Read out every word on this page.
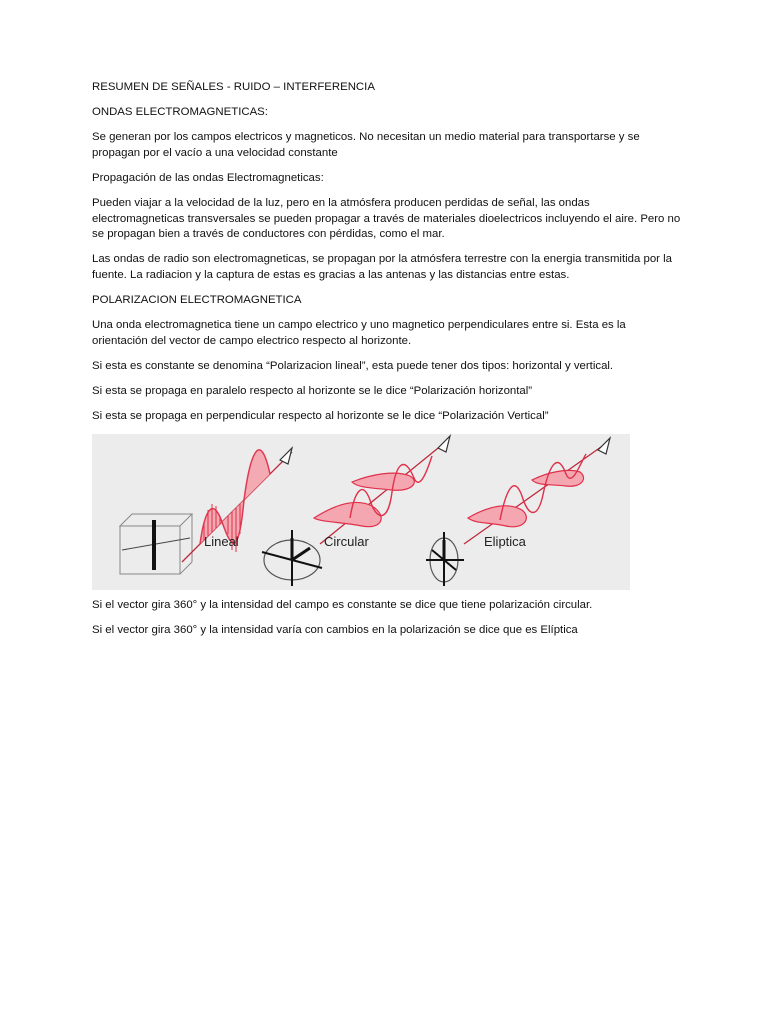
RESUMEN DE SEÑALES - RUIDO – INTERFERENCIA

ONDAS ELECTROMAGNETICAS:

Se generan por los campos electricos y magneticos. No necesitan un medio material para transportarse y se propagan por el vacío a una velocidad constante

Propagación de las ondas Electromagneticas:

Pueden viajar a la velocidad de la luz, pero en la atmósfera producen perdidas de señal, las ondas electromagneticas transversales se pueden propagar a través de materiales dioelectricos incluyendo el aire. Pero no se propagan bien a través de conductores con pérdidas, como el mar.

Las ondas de radio son electromagneticas, se propagan por la atmósfera terrestre con la energia transmitida por la fuente. La radiacion y la captura de estas es gracias a las antenas y las distancias entre estas.

POLARIZACION ELECTROMAGNETICA

Una onda electromagnetica tiene un campo electrico y uno magnetico perpendiculares entre si. Esta es la orientación del vector de campo electrico respecto al horizonte.

Si esta es constante se denomina “Polarizacion lineal”, esta puede tener dos tipos: horizontal y vertical.

Si esta se propaga en paralelo respecto al horizonte se le dice “Polarización horizontal”

Si esta se propaga en perpendicular respecto al horizonte se le dice “Polarización Vertical”

Lineal	Circular	Eliptica

Si el vector gira 360° y la intensidad del campo es constante se dice que tiene polarización circular.

Si el vector gira 360° y la intensidad varía con cambios en la polarización se dice que es Elíptica
